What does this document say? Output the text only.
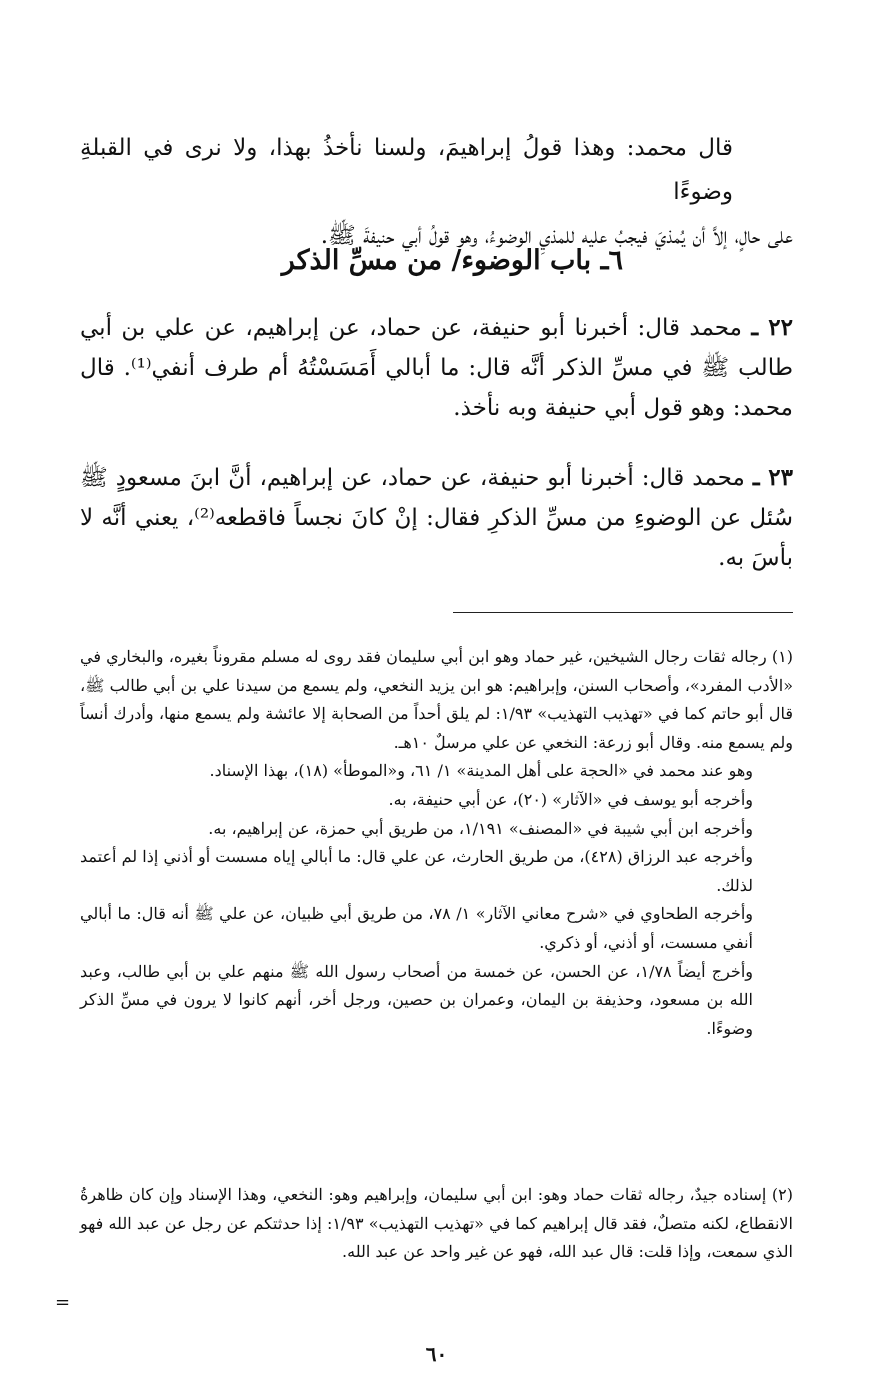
قال محمد: وهذا قولُ إبراهيمَ، ولسنا نأخذُ بهذا، ولا نرى في القبلةِ وضوءًا
على حالٍ، إلاَّ أن يُمذيَ فيجبُ عليه للمذيِ الوضوءُ، وهو قولُ أبي حنيفةَ ﷺ.
٦ـ باب الوضوء/ من مسِّ الذكر
٢٢ ـ محمد قال: أخبرنا أبو حنيفة، عن حماد، عن إبراهيم، عن علي بن أبي طالب ﷺ في مسِّ الذكر أنَّه قال: ما أبالي أَمَسَسْتُهُ أم طرف أنفي⁽¹⁾. قال محمد: وهو قول أبي حنيفة وبه نأخذ.
٢٣ ـ محمد قال: أخبرنا أبو حنيفة، عن حماد، عن إبراهيم، أنَّ ابنَ مسعودٍ ﷺ سُئل عن الوضوءِ من مسِّ الذكرِ فقال: إنْ كانَ نجساً فاقطعه⁽²⁾، يعني أنَّه لا بأسَ به.

(١) رجاله ثقات رجال الشيخين، غير حماد وهو ابن أبي سليمان فقد روى له مسلم مقروناً بغيره، والبخاري في «الأدب المفرد»، وأصحاب السنن، وإبراهيم: هو ابن يزيد النخعي، ولم يسمع من سيدنا علي بن أبي طالب ﷺ، قال أبو حاتم كما في «تهذيب التهذيب» ١/٩٣: لم يلق أحداً من الصحابة إلا عائشة ولم يسمع منها، وأدرك أنساً ولم يسمع منه. وقال أبو زرعة: النخعي عن علي مرسلٌ ١٠هـ.

وهو عند محمد في «الحجة على أهل المدينة» ١/ ٦١، و«الموطأ» (١٨)، بهذا الإسناد.

وأخرجه أبو يوسف في «الآثار» (٢٠)، عن أبي حنيفة، به.

وأخرجه ابن أبي شيبة في «المصنف» ١/١٩١، من طريق أبي حمزة، عن إبراهيم، به.

وأخرجه عبد الرزاق (٤٢٨)، من طريق الحارث، عن علي قال: ما أبالي إياه مسست أو أذني إذا لم أعتمد لذلك.

وأخرجه الطحاوي في «شرح معاني الآثار» ١/ ٧٨، من طريق أبي ظبيان، عن علي ﷺ أنه قال: ما أبالي أنفي مسست، أو أذني، أو ذكري.

وأخرج أيضاً ١/٧٨، عن الحسن، عن خمسة من أصحاب رسول الله ﷺ منهم علي بن أبي طالب، وعبد الله بن مسعود، وحذيفة بن اليمان، وعمران بن حصين، ورجل أخر، أنهم كانوا لا يرون في مسِّ الذكر وضوءًا.

(٢) إسناده جيدٌ، رجاله ثقات حماد وهو: ابن أبي سليمان، وإبراهيم وهو: النخعي، وهذا الإسناد وإن كان ظاهرةُ الانقطاع، لكنه متصلٌ، فقد قال إبراهيم كما في «تهذيب التهذيب» ١/٩٣: إذا حدثتكم عن رجل عن عبد الله فهو الذي سمعت، وإذا قلت: قال عبد الله، فهو عن غير واحد عن عبد الله.

=
٦٠
